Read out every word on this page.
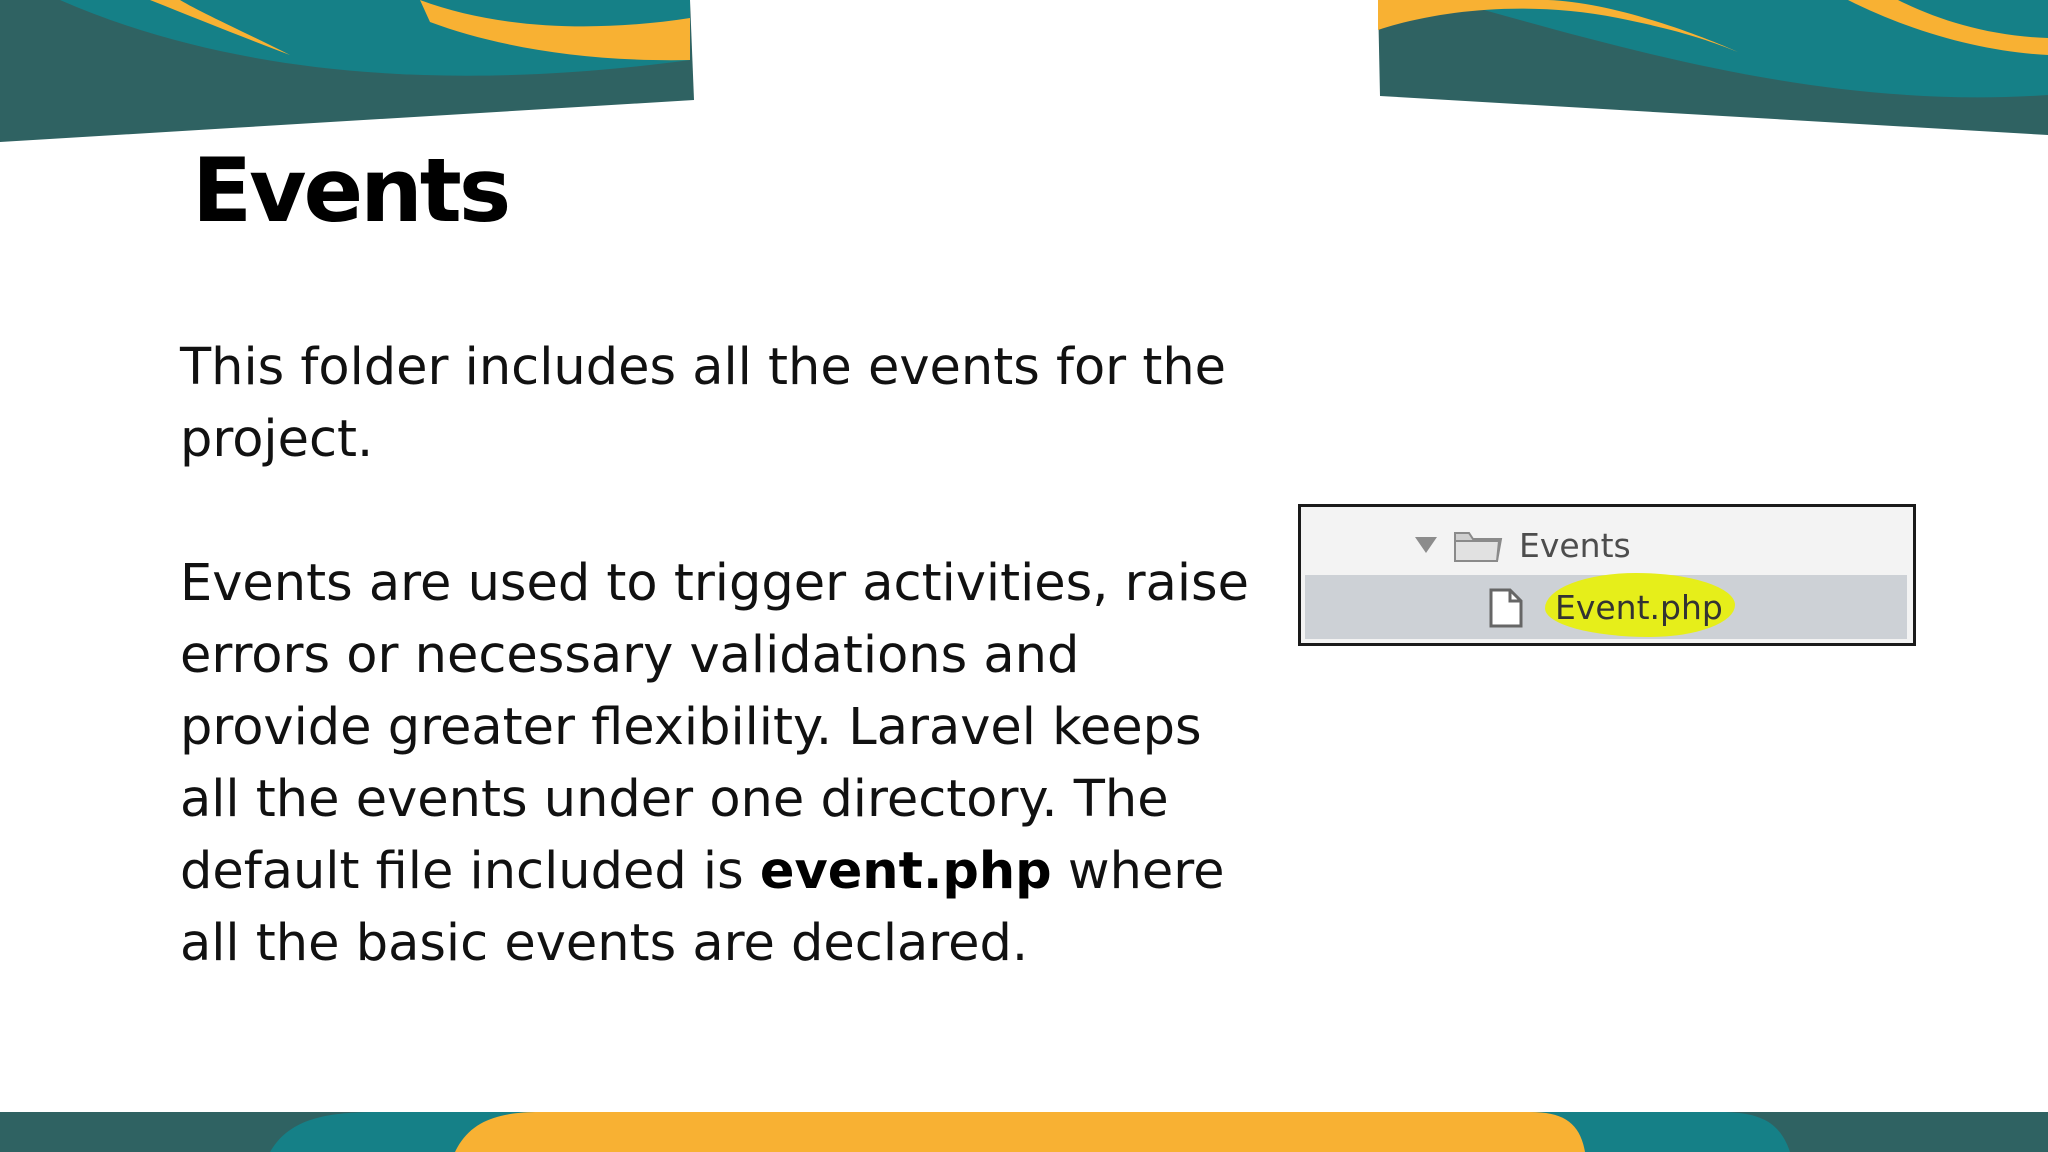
Events

This folder includes all the events for the project.

Events are used to trigger activities, raise errors or necessary validations and provide greater flexibility. Laravel keeps all the events under one directory. The default file included is event.php where all the basic events are declared.

Events
Event.php
